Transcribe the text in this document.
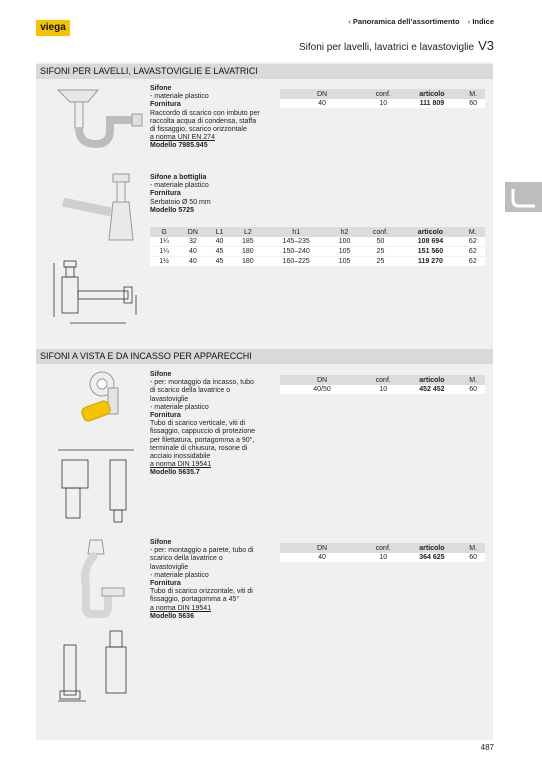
viega
‹ Panoramica dell’assortimento ‹ Indice
Sifoni per lavelli, lavatrici e lavastoviglie V3
SIFONI PER LAVELLI, LAVASTOVIGLIE E LAVATRICI
SIFONI A VISTA E DA INCASSO PER APPARECCHI
Sifone
- materiale plastico
Fornitura
Raccordo di scarico con imbuto per
raccolta acqua di condensa, staffa
di fissaggio, scarico orizzontale
a norma UNI EN 274
Modello 7985.945
DN	conf.	articolo	M.
40	10	111 809	60
Sifone a bottiglia
- materiale plastico
Fornitura
Serbatoio Ø 50 mm
Modello 5725
G	DN	L1	L2	h1	h2	conf.	articolo	M.
1¼	32	40	185	145–235	100	50	108 694	62
1¼	40	45	180	150–240	105	25	151 560	62
1½	40	45	180	160–225	105	25	119 270	62
Sifone
- per: montaggio da incasso, tubo
di scarico della lavatrice o
lavastoviglie
- materiale plastico
Fornitura
Tubo di scarico verticale, viti di
fissaggio, cappuccio di protezione
per filettatura, portagomma a 90°,
terminale di chiusura, rosone di
acciaio inossidabile
a norma DIN 19541
Modello 5635.7
DN	conf.	articolo	M.
40/50	10	452 452	60
Sifone
- per: montaggio a parete, tubo di
scarico della lavatrice o
lavastoviglie
- materiale plastico
Fornitura
Tubo di scarico orizzontale, viti di
fissaggio, portagomma a 45°
a norma DIN 19541
Modello 5636
DN	conf.	articolo	M.
40	10	364 625	60
487
